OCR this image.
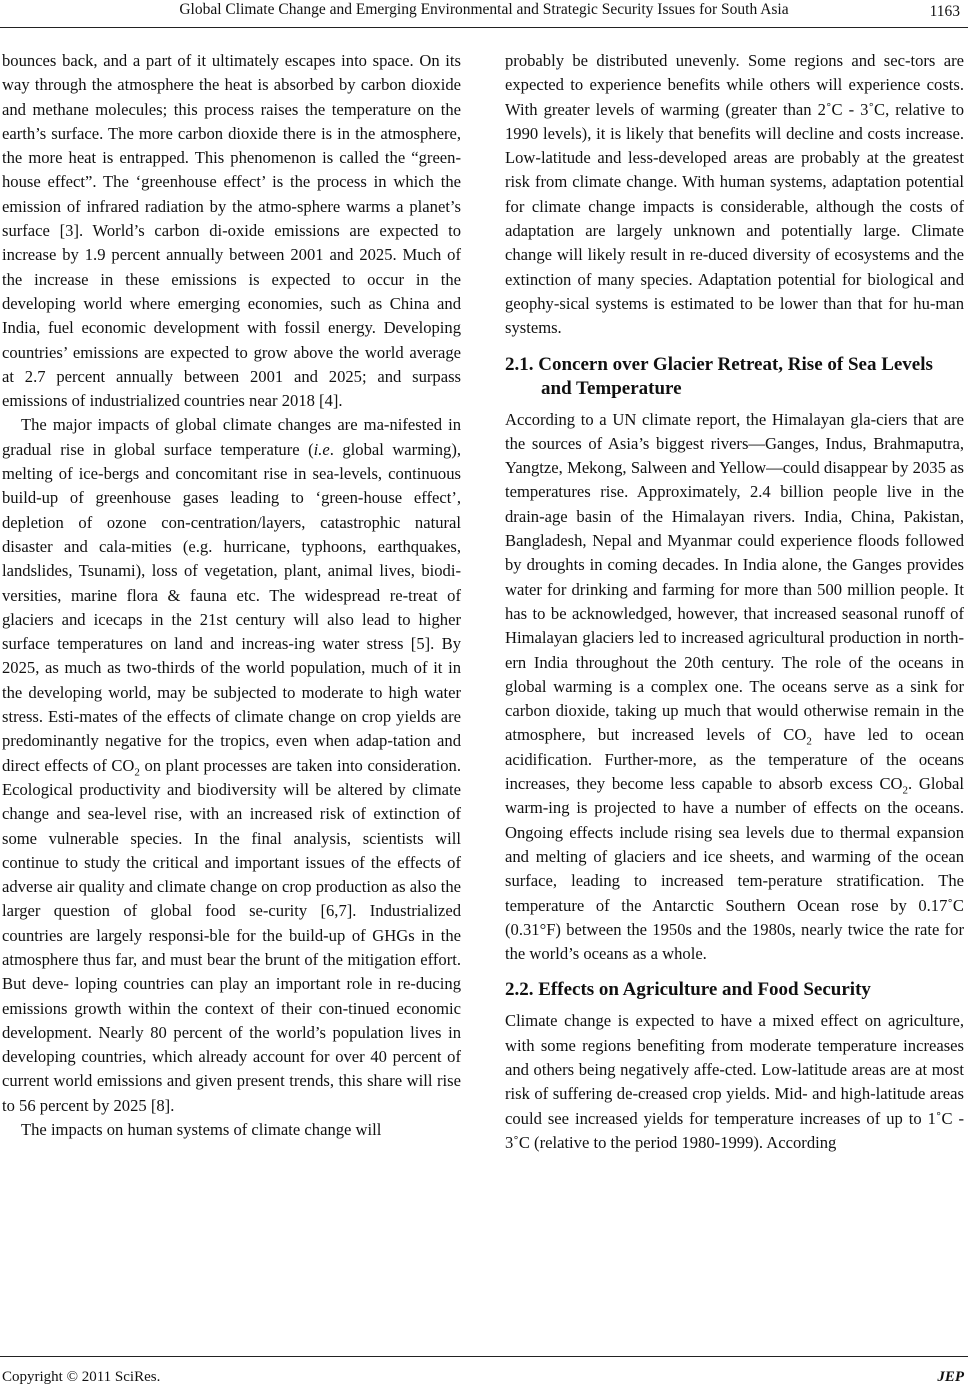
Global Climate Change and Emerging Environmental and Strategic Security Issues for South Asia	1163

bounces back, and a part of it ultimately escapes into space. On its way through the atmosphere the heat is absorbed by carbon dioxide and methane molecules; this process raises the temperature on the earth’s surface. The more carbon dioxide there is in the atmosphere, the more heat is entrapped. This phenomenon is called the “green-house effect”. The ‘greenhouse effect’ is the process in which the emission of infrared radiation by the atmo-sphere warms a planet’s surface [3]. World’s carbon di-oxide emissions are expected to increase by 1.9 percent annually between 2001 and 2025. Much of the increase in these emissions is expected to occur in the developing world where emerging economies, such as China and India, fuel economic development with fossil energy. Developing countries’ emissions are expected to grow above the world average at 2.7 percent annually between 2001 and 2025; and surpass emissions of industrialized countries near 2018 [4].

The major impacts of global climate changes are ma-nifested in gradual rise in global surface temperature (i.e. global warming), melting of ice-bergs and concomitant rise in sea-levels, continuous build-up of greenhouse gases leading to ‘green-house effect’, depletion of ozone con-centration/layers, catastrophic natural disaster and cala-mities (e.g. hurricane, typhoons, earthquakes, landslides, Tsunami), loss of vegetation, plant, animal lives, biodi-versities, marine flora & fauna etc. The widespread re-treat of glaciers and icecaps in the 21st century will also lead to higher surface temperatures on land and increas-ing water stress [5]. By 2025, as much as two-thirds of the world population, much of it in the developing world, may be subjected to moderate to high water stress. Esti-mates of the effects of climate change on crop yields are predominantly negative for the tropics, even when adap-tation and direct effects of $CO_2$ on plant processes are taken into consideration. Ecological productivity and biodiversity will be altered by climate change and sea-level rise, with an increased risk of extinction of some vulnerable species. In the final analysis, scientists will continue to study the critical and important issues of the effects of adverse air quality and climate change on crop production as also the larger question of global food se-curity [6,7]. Industrialized countries are largely responsi-ble for the build-up of GHGs in the atmosphere thus far, and must bear the brunt of the mitigation effort. But deve- loping countries can play an important role in re-ducing emissions growth within the context of their con-tinued economic development. Nearly 80 percent of the world’s population lives in developing countries, which already account for over 40 percent of current world emissions and given present trends, this share will rise to 56 percent by 2025 [8].

The impacts on human systems of climate change will

probably be distributed unevenly. Some regions and sec-tors are expected to experience benefits while others will experience costs. With greater levels of warming (greater than 2˚C - 3˚C, relative to 1990 levels), it is likely that benefits will decline and costs increase. Low-latitude and less-developed areas are probably at the greatest risk from climate change. With human systems, adaptation potential for climate change impacts is considerable, although the costs of adaptation are largely unknown and potentially large. Climate change will likely result in re-duced diversity of ecosystems and the extinction of many species. Adaptation potential for biological and geophy-sical systems is estimated to be lower than that for hu-man systems.

2.1. Concern over Glacier Retreat, Rise of Sea Levels and Temperature

According to a UN climate report, the Himalayan gla-ciers that are the sources of Asia’s biggest rivers—Ganges, Indus, Brahmaputra, Yangtze, Mekong, Salween and Yellow—could disappear by 2035 as temperatures rise. Approximately, 2.4 billion people live in the drain-age basin of the Himalayan rivers. India, China, Pakistan, Bangladesh, Nepal and Myanmar could experience floods followed by droughts in coming decades. In India alone, the Ganges provides water for drinking and farming for more than 500 million people. It has to be acknowledged, however, that increased seasonal runoff of Himalayan glaciers led to increased agricultural production in north-ern India throughout the 20th century. The role of the oceans in global warming is a complex one. The oceans serve as a sink for carbon dioxide, taking up much that would otherwise remain in the atmosphere, but increased levels of $CO_2$ have led to ocean acidification. Further-more, as the temperature of the oceans increases, they become less capable to absorb excess $CO_2$. Global warm-ing is projected to have a number of effects on the oceans. Ongoing effects include rising sea levels due to thermal expansion and melting of glaciers and ice sheets, and warming of the ocean surface, leading to increased tem-perature stratification. The temperature of the Antarctic Southern Ocean rose by 0.17˚C (0.31°F) between the 1950s and the 1980s, nearly twice the rate for the world’s oceans as a whole.

2.2. Effects on Agriculture and Food Security

Climate change is expected to have a mixed effect on agriculture, with some regions benefiting from moderate temperature increases and others being negatively affe-cted. Low-latitude areas are at most risk of suffering de-creased crop yields. Mid- and high-latitude areas could see increased yields for temperature increases of up to 1˚C - 3˚C (relative to the period 1980-1999). According

Copyright © 2011 SciRes.	JEP
